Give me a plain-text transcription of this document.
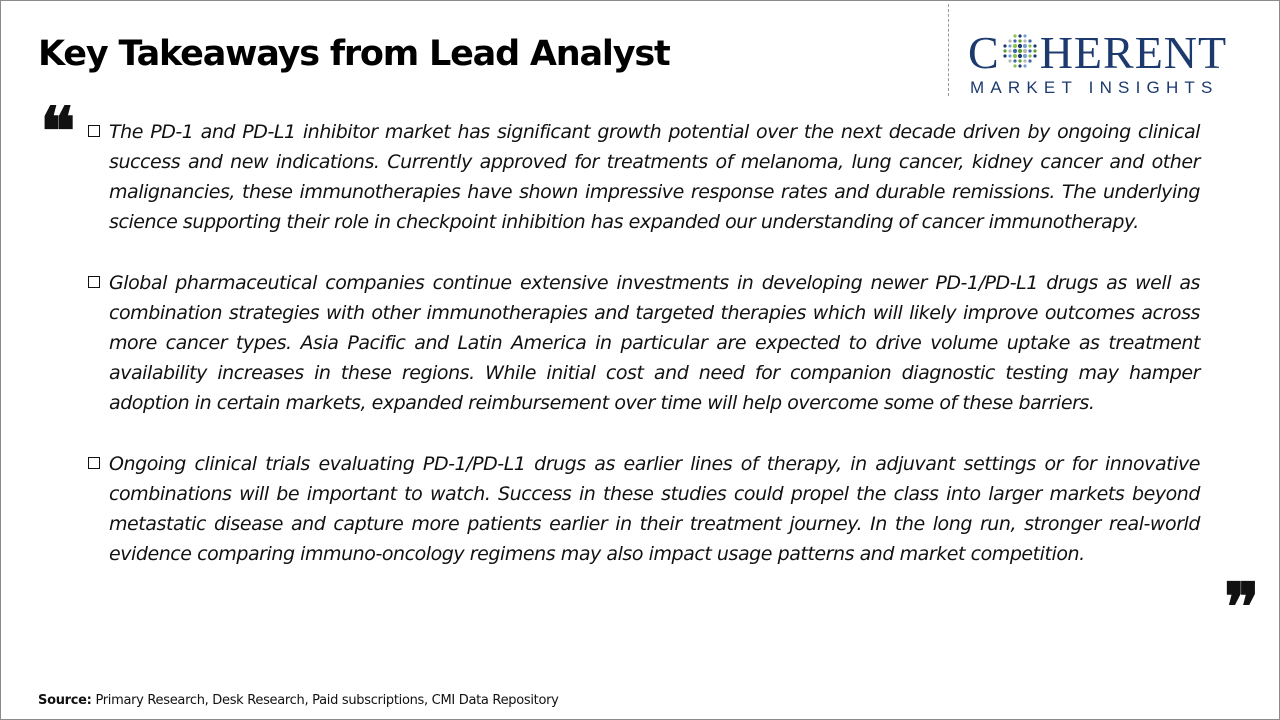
Key Takeaways from Lead Analyst	C HERENT
MARKET INSIGHTS
❝	The PD-1 and PD-L1 inhibitor market has significant growth potential over the next decade driven by ongoing clinical success and new indications. Currently approved for treatments of melanoma, lung cancer, kidney cancer and other malignancies, these immunotherapies have shown impressive response rates and durable remissions. The underlying science supporting their role in checkpoint inhibition has expanded our understanding of cancer immunotherapy.
Global pharmaceutical companies continue extensive investments in developing newer PD-1/PD-L1 drugs as well as combination strategies with other immunotherapies and targeted therapies which will likely improve outcomes across more cancer types. Asia Pacific and Latin America in particular are expected to drive volume uptake as treatment availability increases in these regions. While initial cost and need for companion diagnostic testing may hamper adoption in certain markets, expanded reimbursement over time will help overcome some of these barriers.
Ongoing clinical trials evaluating PD-1/PD-L1 drugs as earlier lines of therapy, in adjuvant settings or for innovative combinations will be important to watch. Success in these studies could propel the class into larger markets beyond metastatic disease and capture more patients earlier in their treatment journey. In the long run, stronger real-world evidence comparing immuno-oncology regimens may also impact usage patterns and market competition.
❞
Source: Primary Research, Desk Research, Paid subscriptions, CMI Data Repository
